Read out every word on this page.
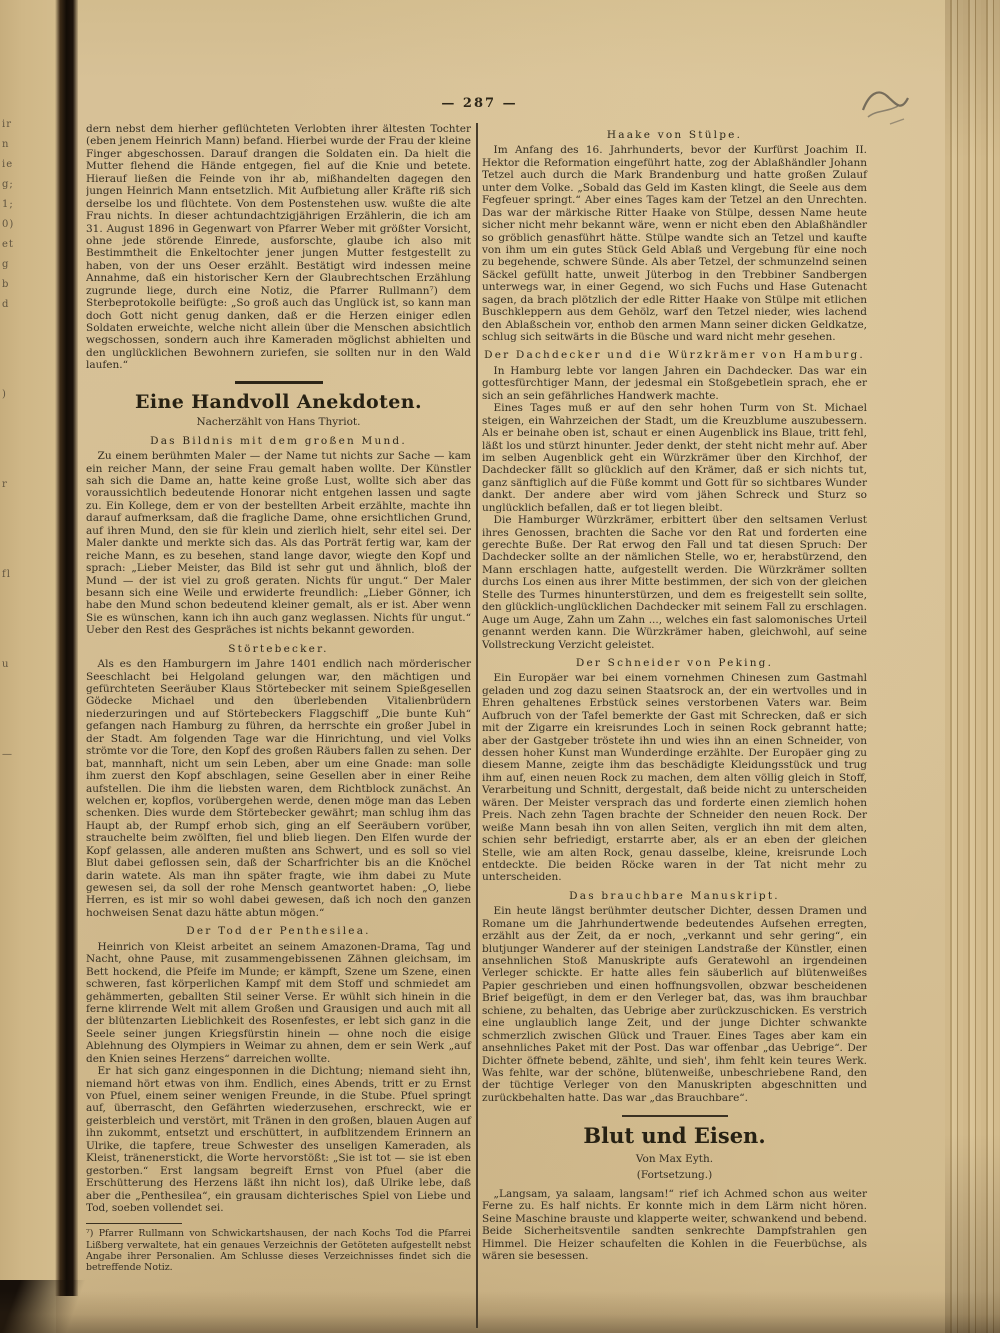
ir
n
ie
g;
1;
0)
et
g
b
d
)
r
fl
u
—
— 287 —

dern nebst dem hierher geflüchteten Verlobten ihrer ältesten Tochter (eben jenem Heinrich Mann) befand. Hierbei wurde der Frau der kleine Finger abgeschossen. Darauf drangen die Soldaten ein. Da hielt die Mutter flehend die Hände entgegen, fiel auf die Knie und betete. Hierauf ließen die Feinde von ihr ab, mißhandelten dagegen den jungen Heinrich Mann entsetzlich. Mit Aufbietung aller Kräfte riß sich derselbe los und flüchtete. Von dem Postenstehen usw. wußte die alte Frau nichts. In dieser achtundachtzigjährigen Erzählerin, die ich am 31. August 1896 in Gegenwart von Pfarrer Weber mit größter Vorsicht, ohne jede störende Einrede, ausforschte, glaube ich also mit Bestimmtheit die Enkeltochter jener jungen Mutter festgestellt zu haben, von der uns Oeser erzählt. Bestätigt wird indessen meine Annahme, daß ein historischer Kern der Glaubrechtschen Erzählung zugrunde liege, durch eine Notiz, die Pfarrer Rullmann⁷) dem Sterbeprotokolle beifügte: „So groß auch das Unglück ist, so kann man doch Gott nicht genug danken, daß er die Herzen einiger edlen Soldaten erweichte, welche nicht allein über die Menschen absichtlich wegschossen, sondern auch ihre Kameraden möglichst abhielten und den unglücklichen Bewohnern zuriefen, sie sollten nur in den Wald laufen.“

Eine Handvoll Anekdoten.

Nacherzählt von Hans Thyriot.

Das Bildnis mit dem großen Mund.

Zu einem berühmten Maler — der Name tut nichts zur Sache — kam ein reicher Mann, der seine Frau gemalt haben wollte. Der Künstler sah sich die Dame an, hatte keine große Lust, wollte sich aber das voraussichtlich bedeutende Honorar nicht entgehen lassen und sagte zu. Ein Kollege, dem er von der bestellten Arbeit erzählte, machte ihn darauf aufmerksam, daß die fragliche Dame, ohne ersichtlichen Grund, auf ihren Mund, den sie für klein und zierlich hielt, sehr eitel sei. Der Maler dankte und merkte sich das. Als das Porträt fertig war, kam der reiche Mann, es zu besehen, stand lange davor, wiegte den Kopf und sprach: „Lieber Meister, das Bild ist sehr gut und ähnlich, bloß der Mund — der ist viel zu groß geraten. Nichts für ungut.“ Der Maler besann sich eine Weile und erwiderte freundlich: „Lieber Gönner, ich habe den Mund schon bedeutend kleiner gemalt, als er ist. Aber wenn Sie es wünschen, kann ich ihn auch ganz weglassen. Nichts für ungut.“ Ueber den Rest des Gespräches ist nichts bekannt geworden.

Störtebecker.

Als es den Hamburgern im Jahre 1401 endlich nach mörderischer Seeschlacht bei Helgoland gelungen war, den mächtigen und gefürchteten Seeräuber Klaus Störtebecker mit seinem Spießgesellen Gödecke Michael und den überlebenden Vitalienbrüdern niederzuringen und auf Störtebeckers Flaggschiff „Die bunte Kuh“ gefangen nach Hamburg zu führen, da herrschte ein großer Jubel in der Stadt. Am folgenden Tage war die Hinrichtung, und viel Volks strömte vor die Tore, den Kopf des großen Räubers fallen zu sehen. Der bat, mannhaft, nicht um sein Leben, aber um eine Gnade: man solle ihm zuerst den Kopf abschlagen, seine Gesellen aber in einer Reihe aufstellen. Die ihm die liebsten waren, dem Richtblock zunächst. An welchen er, kopflos, vorübergehen werde, denen möge man das Leben schenken. Dies wurde dem Störtebecker gewährt; man schlug ihm das Haupt ab, der Rumpf erhob sich, ging an elf Seeräubern vorüber, strauchelte beim zwölften, fiel und blieb liegen. Den Elfen wurde der Kopf gelassen, alle anderen mußten ans Schwert, und es soll so viel Blut dabei geflossen sein, daß der Scharfrichter bis an die Knöchel darin watete. Als man ihn später fragte, wie ihm dabei zu Mute gewesen sei, da soll der rohe Mensch geantwortet haben: „O, liebe Herren, es ist mir so wohl dabei gewesen, daß ich noch den ganzen hochweisen Senat dazu hätte abtun mögen.“

Der Tod der Penthesilea.

Heinrich von Kleist arbeitet an seinem Amazonen-Drama, Tag und Nacht, ohne Pause, mit zusammengebissenen Zähnen gleichsam, im Bett hockend, die Pfeife im Munde; er kämpft, Szene um Szene, einen schweren, fast körperlichen Kampf mit dem Stoff und schmiedet am gehämmerten, geballten Stil seiner Verse. Er wühlt sich hinein in die ferne klirrende Welt mit allem Großen und Grausigen und auch mit all der blütenzarten Lieblichkeit des Rosenfestes, er lebt sich ganz in die Seele seiner jungen Kriegsfürstin hinein — ohne noch die eisige Ablehnung des Olympiers in Weimar zu ahnen, dem er sein Werk „auf den Knien seines Herzens“ darreichen wollte.

Er hat sich ganz eingesponnen in die Dichtung; niemand sieht ihn, niemand hört etwas von ihm. Endlich, eines Abends, tritt er zu Ernst von Pfuel, einem seiner wenigen Freunde, in die Stube. Pfuel springt auf, überrascht, den Gefährten wiederzusehen, erschreckt, wie er geisterbleich und verstört, mit Tränen in den großen, blauen Augen auf ihn zukommt, entsetzt und erschüttert, in aufblitzendem Erinnern an Ulrike, die tapfere, treue Schwester des unseligen Kameraden, als Kleist, tränenerstickt, die Worte hervorstößt: „Sie ist tot — sie ist eben gestorben.“ Erst langsam begreift Ernst von Pfuel (aber die Erschütterung des Herzens läßt ihn nicht los), daß Ulrike lebe, daß aber die „Penthesilea“, ein grausam dichterisches Spiel von Liebe und Tod, soeben vollendet sei.

⁷) Pfarrer Rullmann von Schwickartshausen, der nach Kochs Tod die Pfarrei Lißberg verwaltete, hat ein genaues Verzeichnis der Getöteten aufgestellt nebst Angabe ihrer Personalien. Am Schlusse dieses Verzeichnisses findet sich die betreffende Notiz.

Haake von Stülpe.

Im Anfang des 16. Jahrhunderts, bevor der Kurfürst Joachim II. Hektor die Reformation eingeführt hatte, zog der Ablaßhändler Johann Tetzel auch durch die Mark Brandenburg und hatte großen Zulauf unter dem Volke. „Sobald das Geld im Kasten klingt, die Seele aus dem Fegfeuer springt.“ Aber eines Tages kam der Tetzel an den Unrechten. Das war der märkische Ritter Haake von Stülpe, dessen Name heute sicher nicht mehr bekannt wäre, wenn er nicht eben den Ablaßhändler so gröblich genasführt hätte. Stülpe wandte sich an Tetzel und kaufte von ihm um ein gutes Stück Geld Ablaß und Vergebung für eine noch zu begehende, schwere Sünde. Als aber Tetzel, der schmunzelnd seinen Säckel gefüllt hatte, unweit Jüterbog in den Trebbiner Sandbergen unterwegs war, in einer Gegend, wo sich Fuchs und Hase Gutenacht sagen, da brach plötzlich der edle Ritter Haake von Stülpe mit etlichen Buschkleppern aus dem Gehölz, warf den Tetzel nieder, wies lachend den Ablaßschein vor, enthob den armen Mann seiner dicken Geldkatze, schlug sich seitwärts in die Büsche und ward nicht mehr gesehen.

Der Dachdecker und die Würzkrämer von Hamburg.

In Hamburg lebte vor langen Jahren ein Dachdecker. Das war ein gottesfürchtiger Mann, der jedesmal ein Stoßgebetlein sprach, ehe er sich an sein gefährliches Handwerk machte.

Eines Tages muß er auf den sehr hohen Turm von St. Michael steigen, ein Wahrzeichen der Stadt, um die Kreuzblume auszubessern. Als er beinahe oben ist, schaut er einen Augenblick ins Blaue, tritt fehl, läßt los und stürzt hinunter. Jeder denkt, der steht nicht mehr auf. Aber im selben Augenblick geht ein Würzkrämer über den Kirchhof, der Dachdecker fällt so glücklich auf den Krämer, daß er sich nichts tut, ganz sänftiglich auf die Füße kommt und Gott für so sichtbares Wunder dankt. Der andere aber wird vom jähen Schreck und Sturz so unglücklich befallen, daß er tot liegen bleibt.

Die Hamburger Würzkrämer, erbittert über den seltsamen Verlust ihres Genossen, brachten die Sache vor den Rat und forderten eine gerechte Buße. Der Rat erwog den Fall und tat diesen Spruch: Der Dachdecker sollte an der nämlichen Stelle, wo er, herabstürzend, den Mann erschlagen hatte, aufgestellt werden. Die Würzkrämer sollten durchs Los einen aus ihrer Mitte bestimmen, der sich von der gleichen Stelle des Turmes hinunterstürzen, und dem es freigestellt sein sollte, den glücklich-unglücklichen Dachdecker mit seinem Fall zu erschlagen. Auge um Auge, Zahn um Zahn ..., welches ein fast salomonisches Urteil genannt werden kann. Die Würzkrämer haben, gleichwohl, auf seine Vollstreckung Verzicht geleistet.

Der Schneider von Peking.

Ein Europäer war bei einem vornehmen Chinesen zum Gastmahl geladen und zog dazu seinen Staatsrock an, der ein wertvolles und in Ehren gehaltenes Erbstück seines verstorbenen Vaters war. Beim Aufbruch von der Tafel bemerkte der Gast mit Schrecken, daß er sich mit der Zigarre ein kreisrundes Loch in seinen Rock gebrannt hatte; aber der Gastgeber tröstete ihn und wies ihn an einen Schneider, von dessen hoher Kunst man Wunderdinge erzählte. Der Europäer ging zu diesem Manne, zeigte ihm das beschädigte Kleidungsstück und trug ihm auf, einen neuen Rock zu machen, dem alten völlig gleich in Stoff, Verarbeitung und Schnitt, dergestalt, daß beide nicht zu unterscheiden wären. Der Meister versprach das und forderte einen ziemlich hohen Preis. Nach zehn Tagen brachte der Schneider den neuen Rock. Der weiße Mann besah ihn von allen Seiten, verglich ihn mit dem alten, schien sehr befriedigt, erstarrte aber, als er an eben der gleichen Stelle, wie am alten Rock, genau dasselbe, kleine, kreisrunde Loch entdeckte. Die beiden Röcke waren in der Tat nicht mehr zu unterscheiden.

Das brauchbare Manuskript.

Ein heute längst berühmter deutscher Dichter, dessen Dramen und Romane um die Jahrhundertwende bedeutendes Aufsehen erregten, erzählt aus der Zeit, da er noch, „verkannt und sehr gering“, ein blutjunger Wanderer auf der steinigen Landstraße der Künstler, einen ansehnlichen Stoß Manuskripte aufs Geratewohl an irgendeinen Verleger schickte. Er hatte alles fein säuberlich auf blütenweißes Papier geschrieben und einen hoffnungsvollen, obzwar bescheidenen Brief beigefügt, in dem er den Verleger bat, das, was ihm brauchbar schiene, zu behalten, das Uebrige aber zurückzuschicken. Es verstrich eine unglaublich lange Zeit, und der junge Dichter schwankte schmerzlich zwischen Glück und Trauer. Eines Tages aber kam ein ansehnliches Paket mit der Post. Das war offenbar „das Uebrige“. Der Dichter öffnete bebend, zählte, und sieh', ihm fehlt kein teures Werk. Was fehlte, war der schöne, blütenweiße, unbeschriebene Rand, den der tüchtige Verleger von den Manuskripten abgeschnitten und zurückbehalten hatte. Das war „das Brauchbare“.

Blut und Eisen.

Von Max Eyth.

(Fortsetzung.)

„Langsam, ya salaam, langsam!“ rief ich Achmed schon aus weiter Ferne zu. Es half nichts. Er konnte mich in dem Lärm nicht hören. Seine Maschine brauste und klapperte weiter, schwankend und bebend. Beide Sicherheitsventile sandten senkrechte Dampfstrahlen gen Himmel. Die Heizer schaufelten die Kohlen in die Feuerbüchse, als wären sie besessen.
